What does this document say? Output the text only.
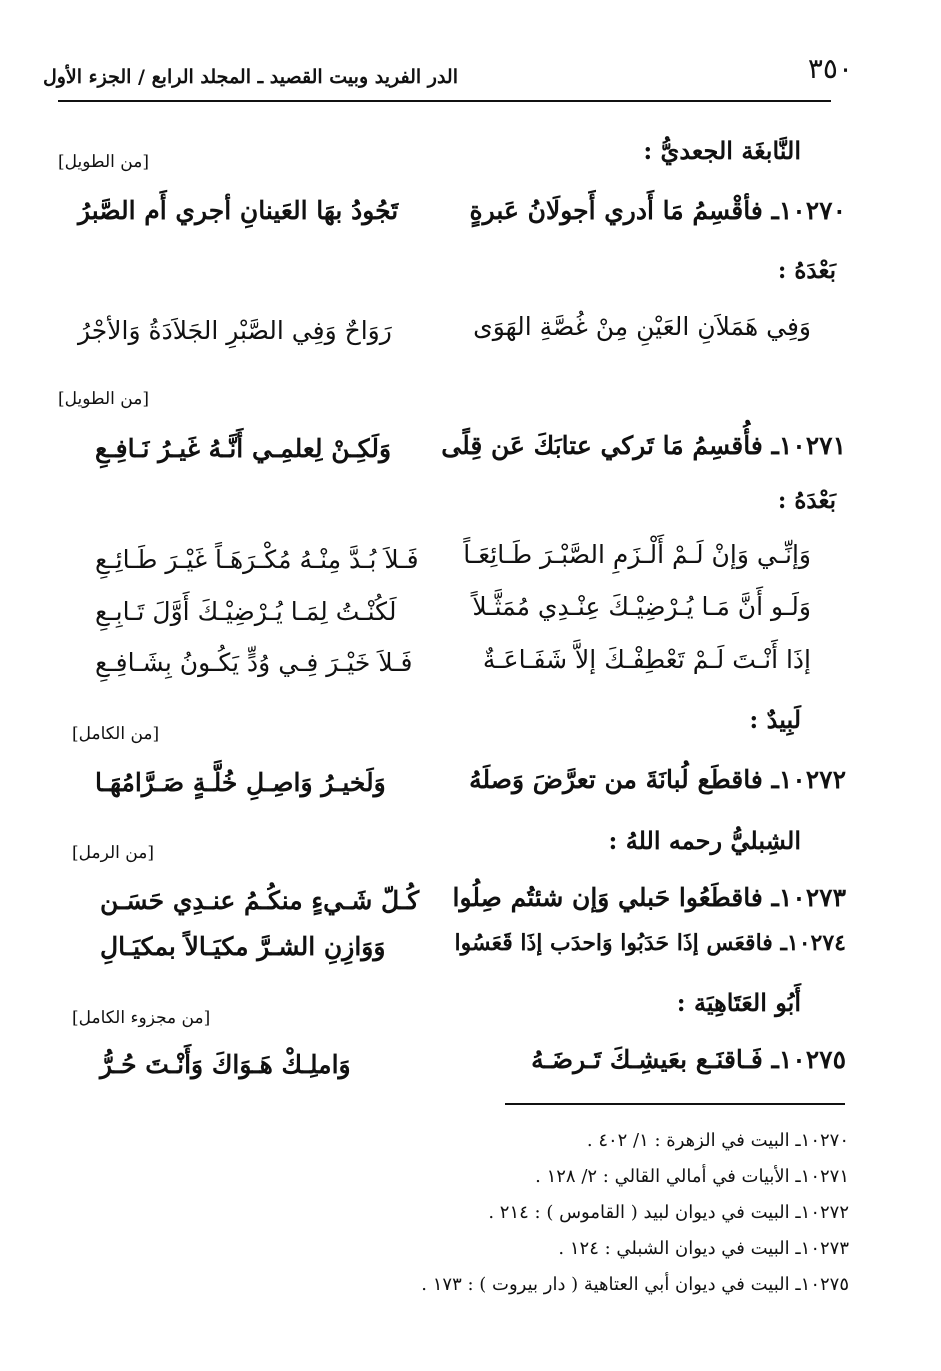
٣٥٠
الدر الفريد وبيت القصيد ـ المجلد الرابع / الجزء الأول
النَّابغَة الجعديُّ :
[من الطويل]
١٠٢٧٠ـ فأقْسِمُ مَا أَدري أَجولَانُ عَبرةٍ
تَجُودُ بهَا العَينانِ أجري أَم الصَّبرُ
بَعْدَهُ :
وَفِي هَمَلاَنِ العَيْنِ مِنْ غُصَّةِ الهَوَى
رَوَاحٌ وَفِي الصَّبْرِ الجَلاَدَةُ وَالأجْرُ
[من الطويل]
١٠٢٧١ـ فأُقسِمُ مَا تَركي عتابَكَ عَن قِلًى
وَلَكِـنْ لِعلمِـي أَنَّـهُ غَيـرُ نَـافِـعِ
بَعْدَهُ :
وَإنِّـي وَإنْ لَـمْ أَلْـزَمِ الصَّبْـرَ طَـائِعَـاً
فَـلاَ بُـدَّ مِنْـهُ مُكْـرَهَـاً غَيْـرَ طَـائِـعِ
وَلَـو أَنَّ مَـا يُـرْضِيْـكَ عِنْـدِي مُمَثَّـلاً
لَكُنْـتُ لِمَـا يُـرْضِيْـكَ أَوَّلَ تَـابِـعِ
إذَا أَنْـتَ لَـمْ تَعْطِفْـكَ إلاَّ شَفَـاعَـةٌ
فَـلاَ خَيْـرَ فِـي وُدٍّ يَكُـونُ بِشَـافِـعِ
لَبِيدٌ :
[من الكامل]
١٠٢٧٢ـ فاقطَع لُبانَةَ من تعرَّضَ وَصلَهُ
وَلَخيـرُ وَاصِـلِ خُلَّـةٍ صَـرَّامُهَـا
الشِبليُّ رحمه اللهُ :
[من الرمل]
١٠٢٧٣ـ فاقطَعُوا حَبلي وَإن شئتُم صِلُوا
كُـلّ شَـيءٍ منكُـمُ عنـدِي حَسَـن
١٠٢٧٤ـ فاقعَس إذَا حَدَبُوا وَاحدَب إذَا قَعَسُوا
وَوَازِنِ الشـرَّ مكيَـالاً بمكيَـالِ
أَبُو العَتَاهِيَة :
[من مجزوء الكامل]
١٠٢٧٥ـ فَـاقنَـع بعَيشِـكَ تَـرضَـهُ
وَاملِـكْ هَـوَاكَ وَأَنْـتَ حُـرُّ
١٠٢٧٠ـ البيت في الزهرة : ١/ ٤٠٢ .
١٠٢٧١ـ الأبيات في أمالي القالي : ٢/ ١٢٨ .
١٠٢٧٢ـ البيت في ديوان لبيد ( القاموس ) : ٢١٤ .
١٠٢٧٣ـ البيت في ديوان الشبلي : ١٢٤ .
١٠٢٧٥ـ البيت في ديوان أبي العتاهية ( دار بيروت ) : ١٧٣ .
